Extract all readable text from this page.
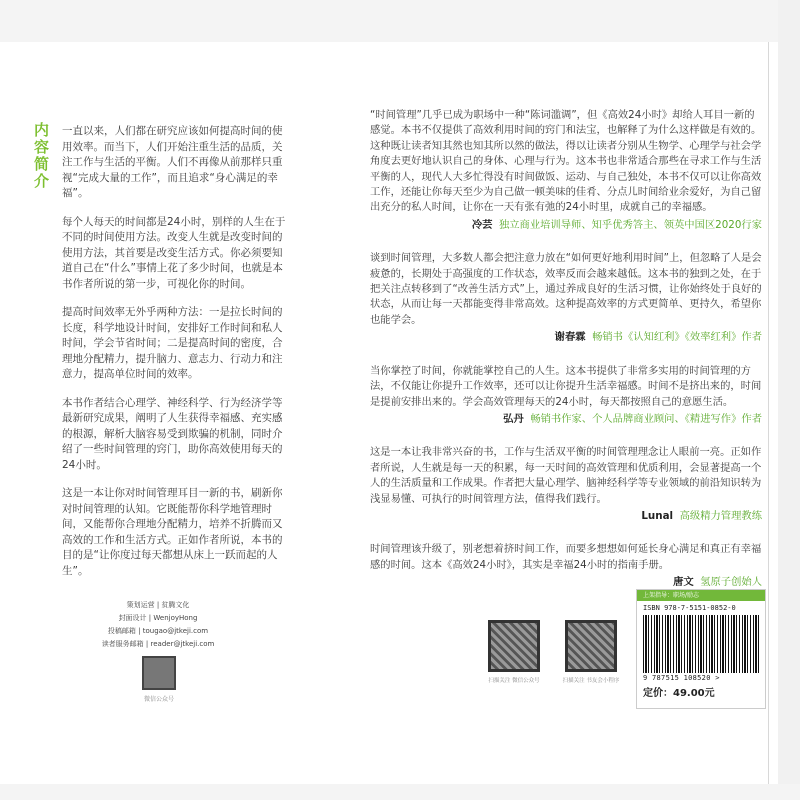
内
容
简
介

一直以来，人们都在研究应该如何提高时间的使用效率。而当下，人们开始注重生活的品质，关注工作与生活的平衡。人们不再像从前那样只重视“完成大量的工作”，而且追求“身心满足的幸福”。

每个人每天的时间都是24小时，别样的人生在于不同的时间使用方法。改变人生就是改变时间的使用方法，其首要是改变生活方式。你必须要知道自己在“什么”事情上花了多少时间，也就是本书作者所说的第一步，可视化你的时间。

提高时间效率无外乎两种方法：一是拉长时间的长度，科学地设计时间，安排好工作时间和私人时间，学会节省时间；二是提高时间的密度，合理地分配精力，提升脑力、意志力、行动力和注意力，提高单位时间的效率。

本书作者结合心理学、神经科学、行为经济学等最新研究成果，阐明了人生获得幸福感、充实感的根源，解析大脑容易受到欺骗的机制，同时介绍了一些时间管理的窍门，助你高效使用每天的24小时。

这是一本让你对时间管理耳目一新的书，刷新你对时间管理的认知。它既能帮你科学地管理时间，又能帮你合理地分配精力，培养不折腾而又高效的工作和生活方式。正如作者所说，本书的目的是“让你度过每天都想从床上一跃而起的人生”。

策划运营 | 贫腾文化
封面设计 | WenjoyHong
投稿邮箱 | tougao@jtkeji.com
读者服务邮箱 | reader@jtkeji.com
微信公众号

“时间管理”几乎已成为职场中一种“陈词滥调”，但《高效24小时》却给人耳目一新的感觉。本书不仅提供了高效利用时间的窍门和法宝，也解释了为什么这样做是有效的。这种既让读者知其然也知其所以然的做法，得以让读者分别从生物学、心理学与社会学角度去更好地认识自己的身体、心理与行为。这本书也非常适合那些在寻求工作与生活平衡的人，现代人大多忙得没有时间做饭、运动、与自己独处，本书不仅可以让你高效工作，还能让你每天至少为自己做一顿美味的佳肴、分点儿时间给业余爱好，为自己留出充分的私人时间，让你在一天有张有弛的24小时里，成就自己的幸福感。

冷芸 独立商业培训导师、知乎优秀答主、领英中国区2020行家

谈到时间管理，大多数人都会把注意力放在“如何更好地利用时间”上，但忽略了人是会疲惫的，长期处于高强度的工作状态，效率反而会越来越低。这本书的独到之处，在于把关注点转移到了“改善生活方式”上，通过养成良好的生活习惯，让你始终处于良好的状态，从而让每一天都能变得非常高效。这种提高效率的方式更简单、更持久，希望你也能学会。

谢春霖 畅销书《认知红利》《效率红利》作者

当你掌控了时间，你就能掌控自己的人生。这本书提供了非常多实用的时间管理的方法，不仅能让你提升工作效率，还可以让你提升生活幸福感。时间不是挤出来的，时间是提前安排出来的。学会高效管理每天的24小时，每天都按照自己的意愿生活。

弘丹 畅销书作家、个人品牌商业顾问、《精进写作》作者

这是一本让我非常兴奋的书，工作与生活双平衡的时间管理理念让人眼前一亮。正如作者所说，人生就是每一天的积累，每一天时间的高效管理和优质利用，会显著提高一个人的生活质量和工作成果。作者把大量心理学、脑神经科学等专业领域的前沿知识转为浅显易懂、可执行的时间管理方法，值得我们践行。

Lunal 高级精力管理教练

时间管理该升级了，别老想着挤时间工作，而要多想想如何延长身心满足和真正有幸福感的时间。这本《高效24小时》，其实是幸福24小时的指南手册。

唐文 氢原子创始人
扫描关注 微信公众号	扫描关注 书友会小程序
上架指导：职场/励志
ISBN 978-7-5151-0852-0
9 787515 108520 >
定价：49.00元
